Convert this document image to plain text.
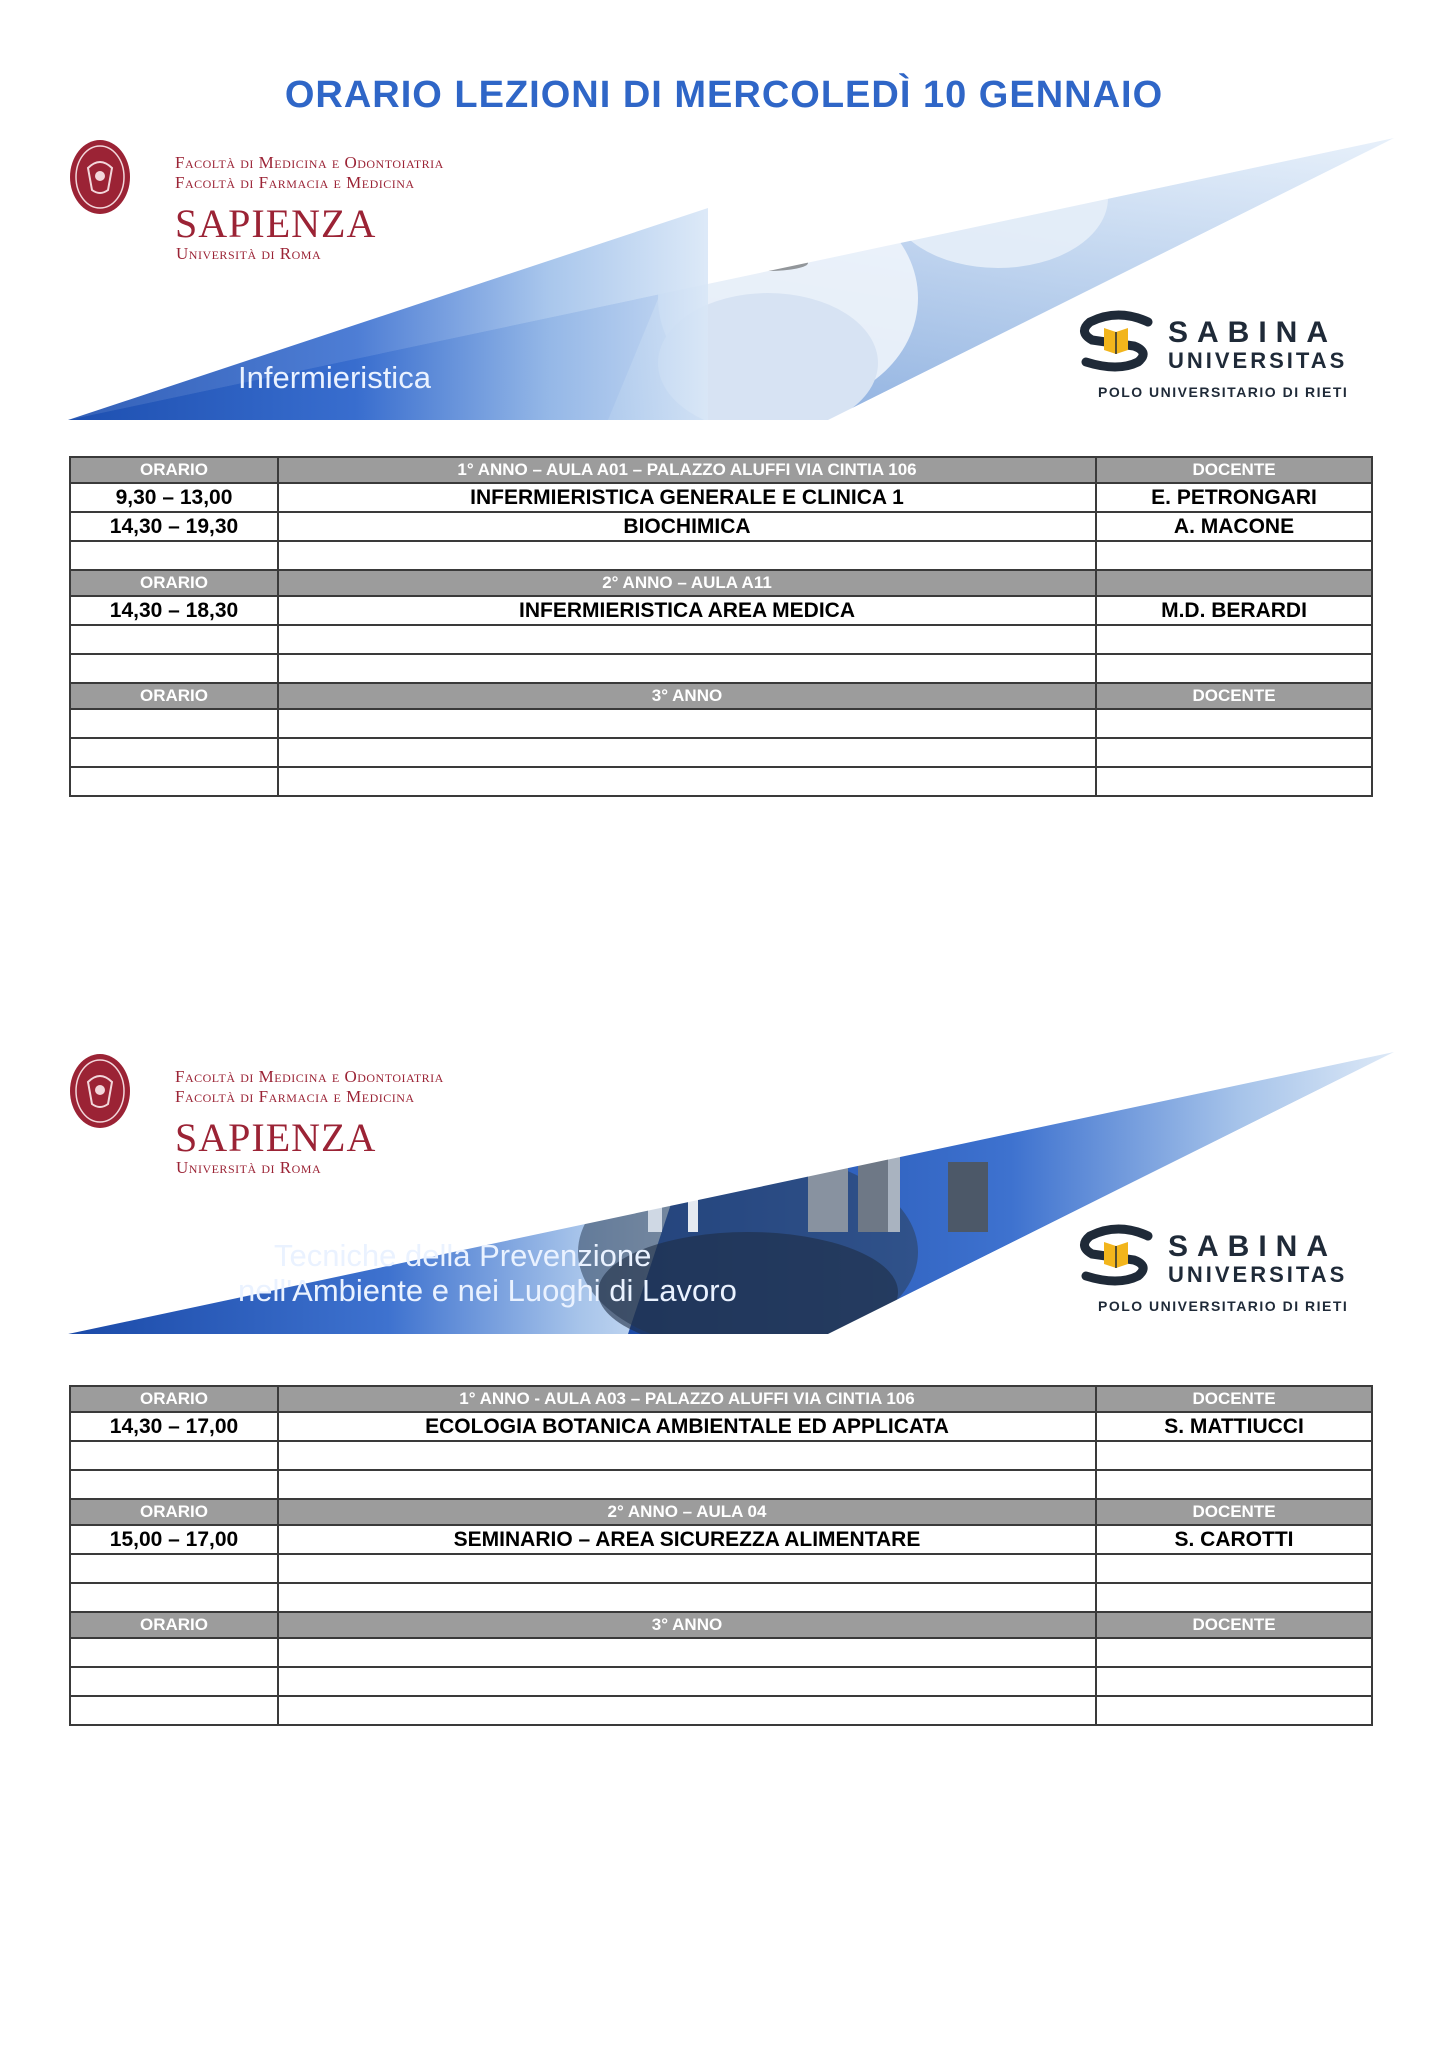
ORARIO LEZIONI DI MERCOLEDÌ 10 GENNAIO
Facoltà di Medicina e Odontoiatria
Facoltà di Farmacia e Medicina
SAPIENZA
Università di Roma
Infermieristica
SABINA
UNIVERSITAS
POLO UNIVERSITARIO DI RIETI
ORARIO	1° ANNO – AULA A01 – PALAZZO ALUFFI VIA CINTIA 106	DOCENTE
9,30 – 13,00	INFERMIERISTICA GENERALE E CLINICA 1	E. PETRONGARI
14,30 – 19,30	BIOCHIMICA	A. MACONE

ORARIO	2° ANNO – AULA A11	
14,30 – 18,30	INFERMIERISTICA AREA MEDICA	M.D. BERARDI

ORARIO	3° ANNO	DOCENTE

Facoltà di Medicina e Odontoiatria
Facoltà di Farmacia e Medicina
SAPIENZA
Università di Roma
Tecniche della Prevenzione
nell'Ambiente e nei Luoghi di Lavoro
SABINA
UNIVERSITAS
POLO UNIVERSITARIO DI RIETI
ORARIO	1° ANNO - AULA A03 – PALAZZO ALUFFI VIA CINTIA 106	DOCENTE
14,30 – 17,00	ECOLOGIA BOTANICA AMBIENTALE ED APPLICATA	S. MATTIUCCI

ORARIO	2° ANNO – AULA 04	DOCENTE
15,00 – 17,00	SEMINARIO – AREA SICUREZZA ALIMENTARE	S. CAROTTI

ORARIO	3° ANNO	DOCENTE
